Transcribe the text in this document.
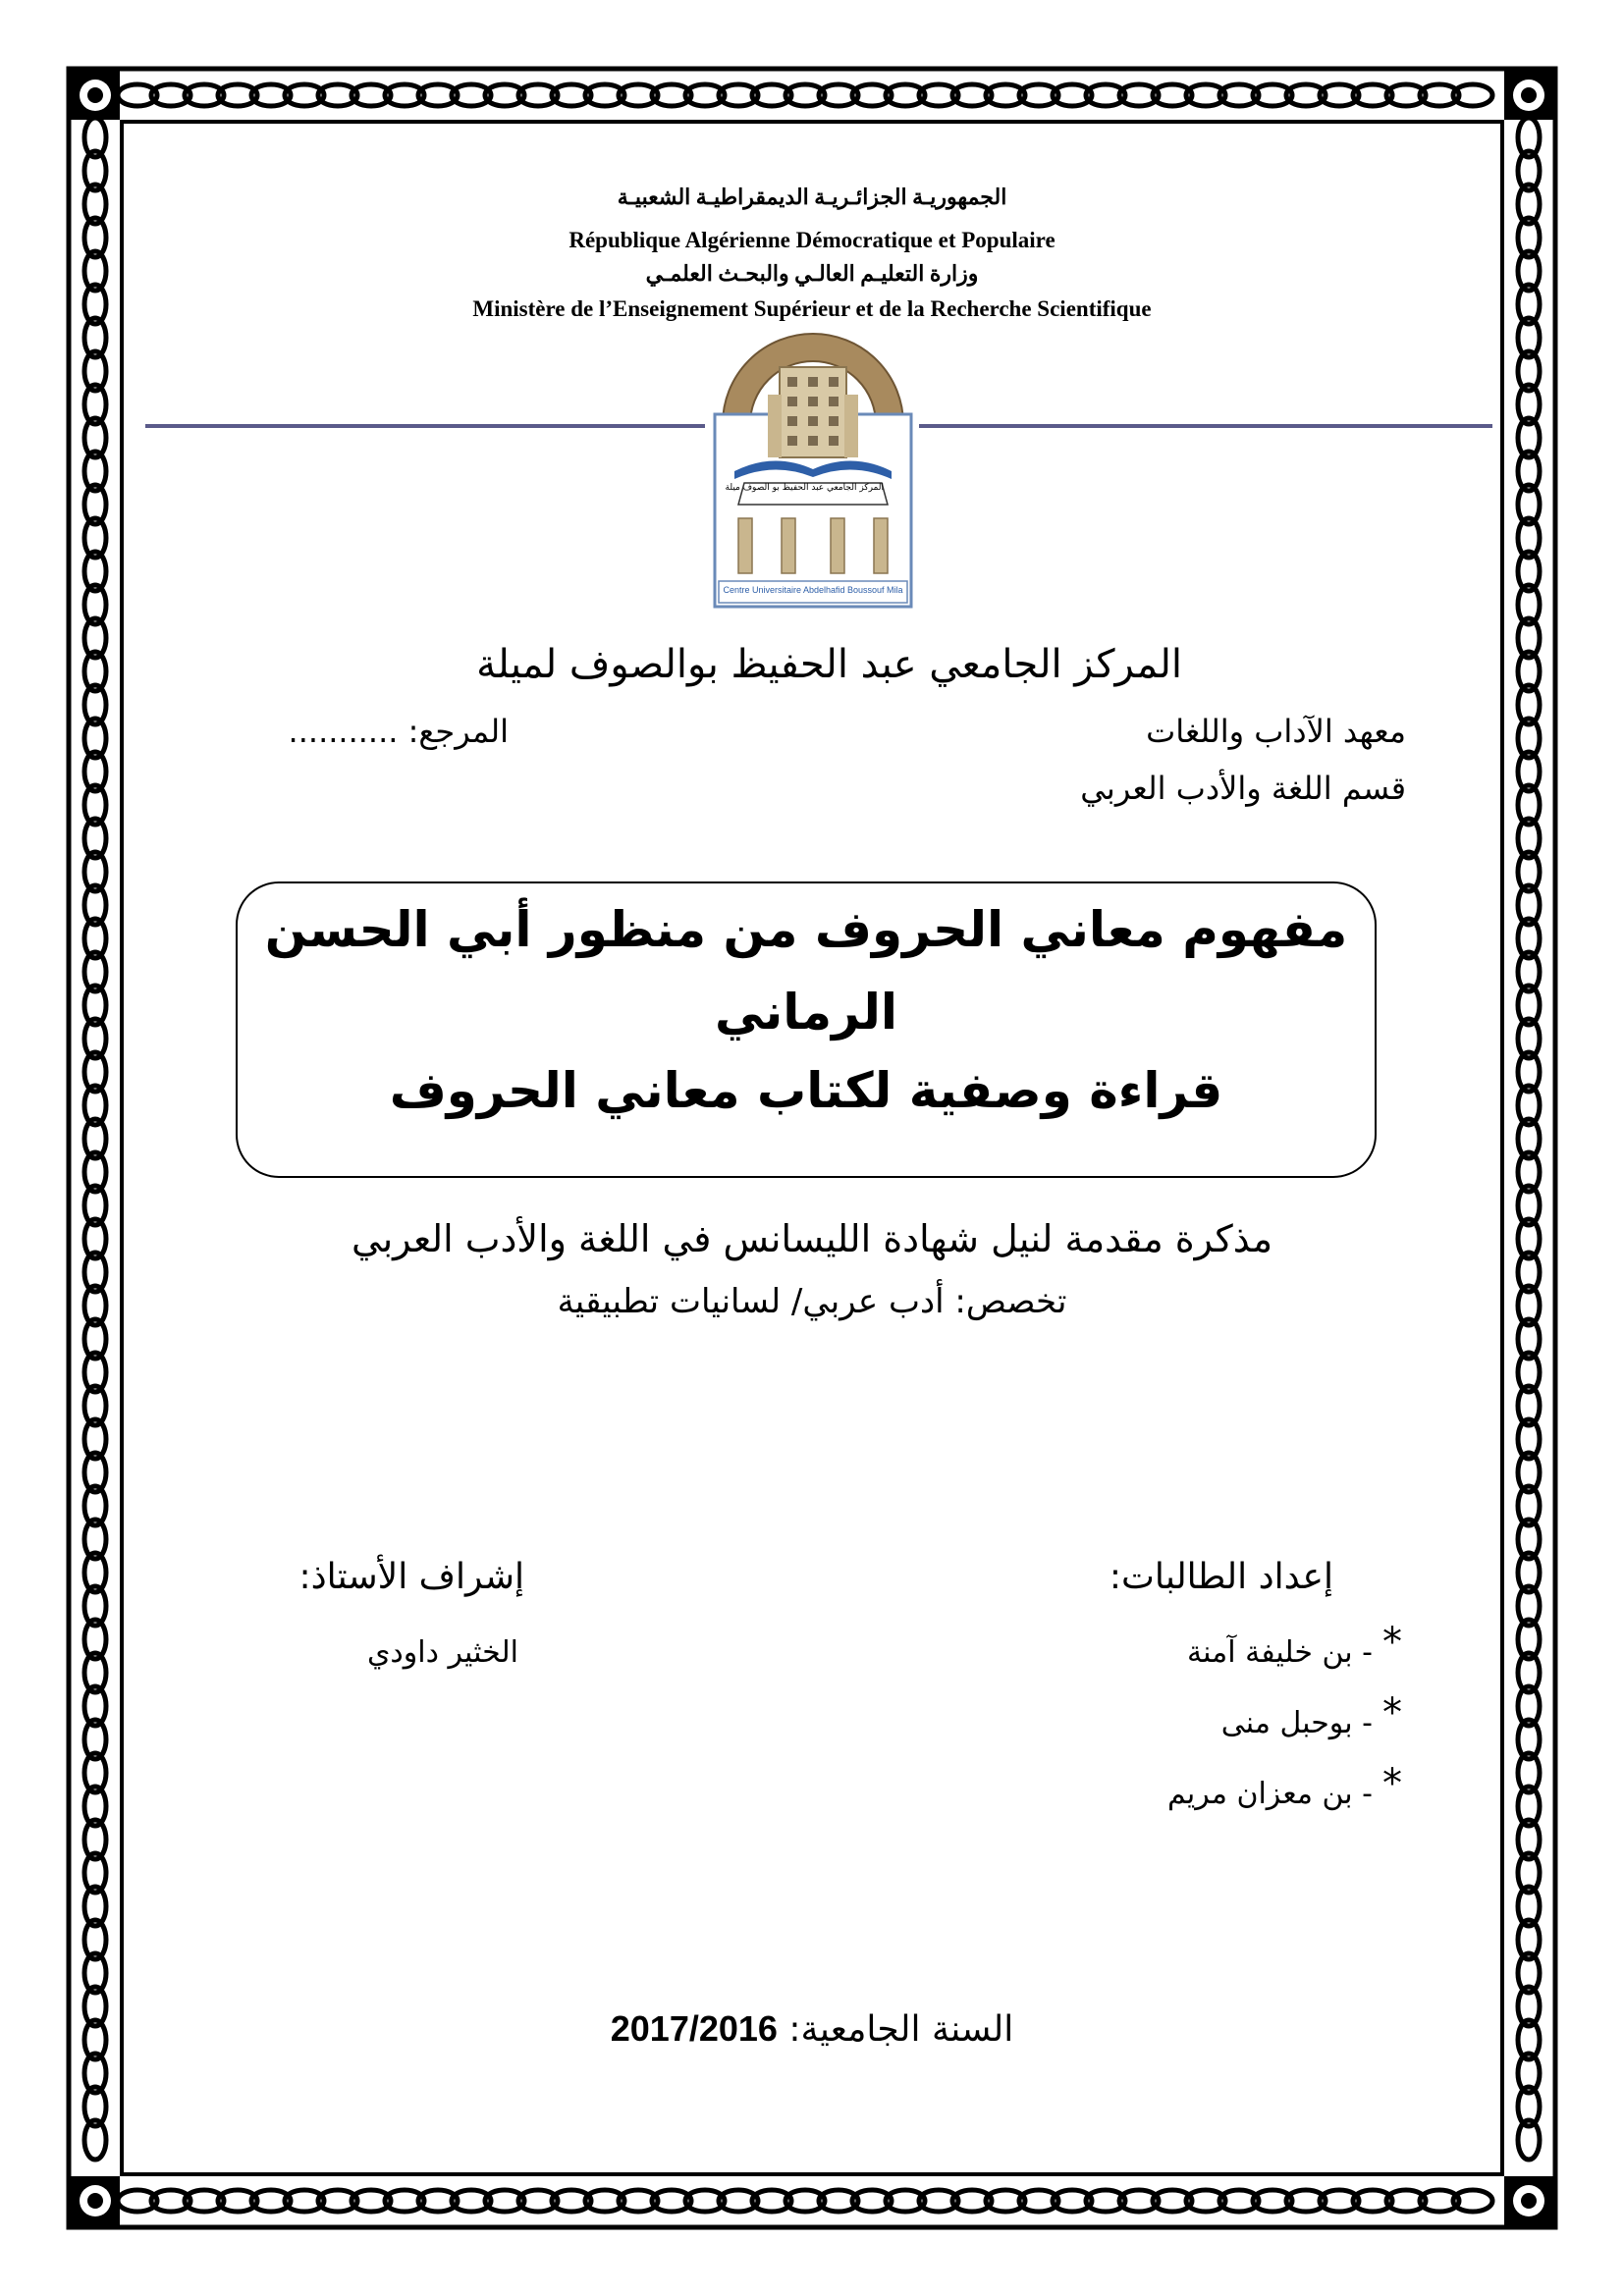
الجمهوريـة الجزائـريـة الديمقراطيـة الشعبيـة
République Algérienne Démocratique et Populaire
وزارة التعليـم العالـي والبحـث العلمـي
Ministère de l’Enseignement Supérieur et de la Recherche Scientifique
المركز الجامعي عبد الحفيظ بو الصوف ميلة
Centre Universitaire Abdelhafid Boussouf Mila
المركز الجامعي عبد الحفيظ بوالصوف لميلة
معهد الآداب واللغات
المرجع: ...........
قسم اللغة والأدب العربي
مفهوم معاني الحروف من منظور أبي الحسن
الرماني
قراءة وصفية لكتاب معاني الحروف
مذكرة مقدمة لنيل شهادة الليسانس في اللغة والأدب العربي
تخصص: أدب عربي/ لسانيات تطبيقية
إعداد الطالبات:
*
- بن خليفة آمنة
*
- بوحبل منى
*
- بن معزان مريم
إشراف الأستاذ:
الخثير داودي
2017/2016 السنة الجامعية:
